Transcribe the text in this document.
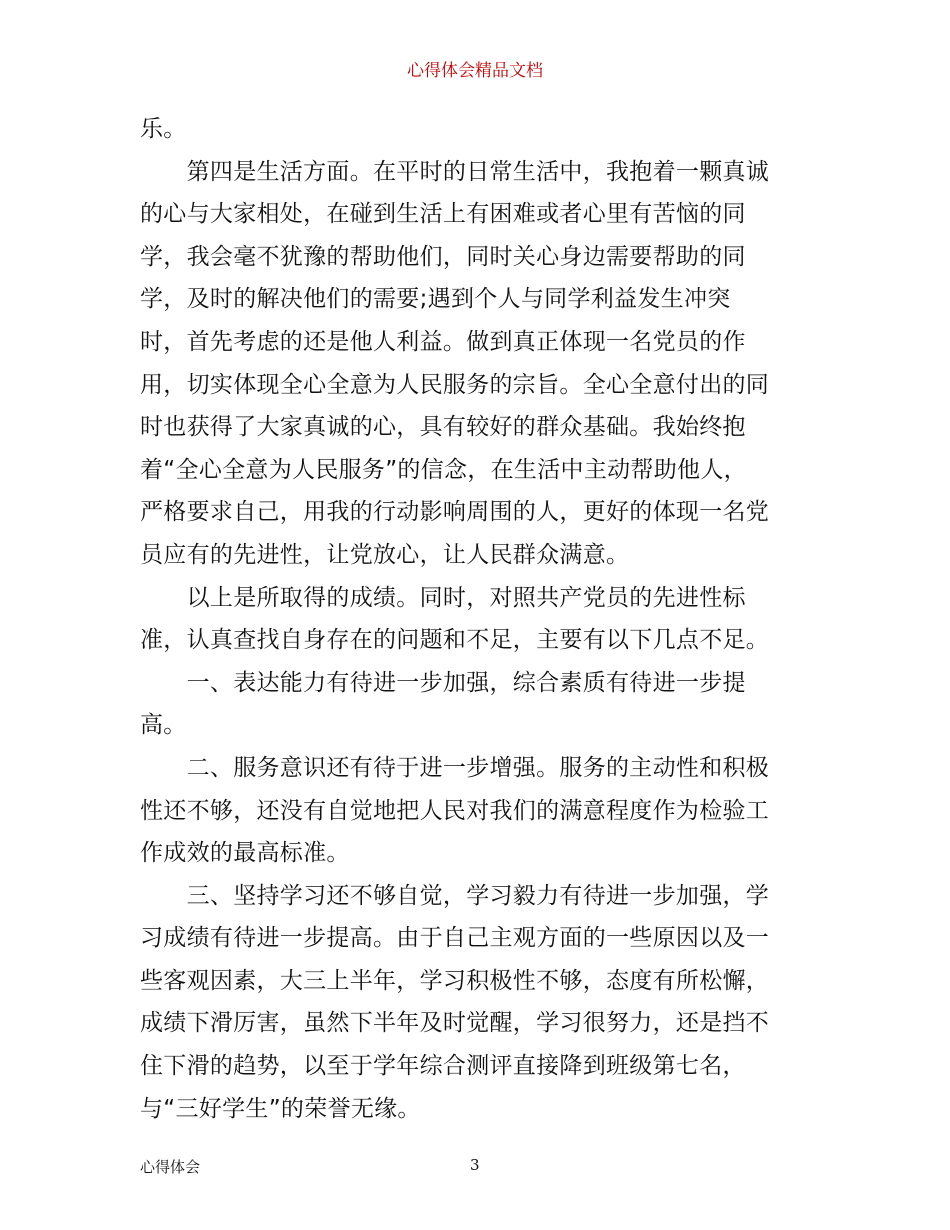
心得体会精品文档
乐。
　　第四是生活方面。在平时的日常生活中，我抱着一颗真诚
的心与大家相处，在碰到生活上有困难或者心里有苦恼的同
学，我会毫不犹豫的帮助他们，同时关心身边需要帮助的同
学，及时的解决他们的需要;遇到个人与同学利益发生冲突
时，首先考虑的还是他人利益。做到真正体现一名党员的作
用，切实体现全心全意为人民服务的宗旨。全心全意付出的同
时也获得了大家真诚的心，具有较好的群众基础。我始终抱
着“全心全意为人民服务”的信念，在生活中主动帮助他人，
严格要求自己，用我的行动影响周围的人，更好的体现一名党
员应有的先进性，让党放心，让人民群众满意。
　　以上是所取得的成绩。同时，对照共产党员的先进性标
准，认真查找自身存在的问题和不足，主要有以下几点不足。
　　一、表达能力有待进一步加强，综合素质有待进一步提
高。
　　二、服务意识还有待于进一步增强。服务的主动性和积极
性还不够，还没有自觉地把人民对我们的满意程度作为检验工
作成效的最高标准。
　　三、坚持学习还不够自觉，学习毅力有待进一步加强，学
习成绩有待进一步提高。由于自己主观方面的一些原因以及一
些客观因素，大三上半年，学习积极性不够，态度有所松懈，
成绩下滑厉害，虽然下半年及时觉醒，学习很努力，还是挡不
住下滑的趋势，以至于学年综合测评直接降到班级第七名，
与“三好学生”的荣誉无缘。
心得体会	3
